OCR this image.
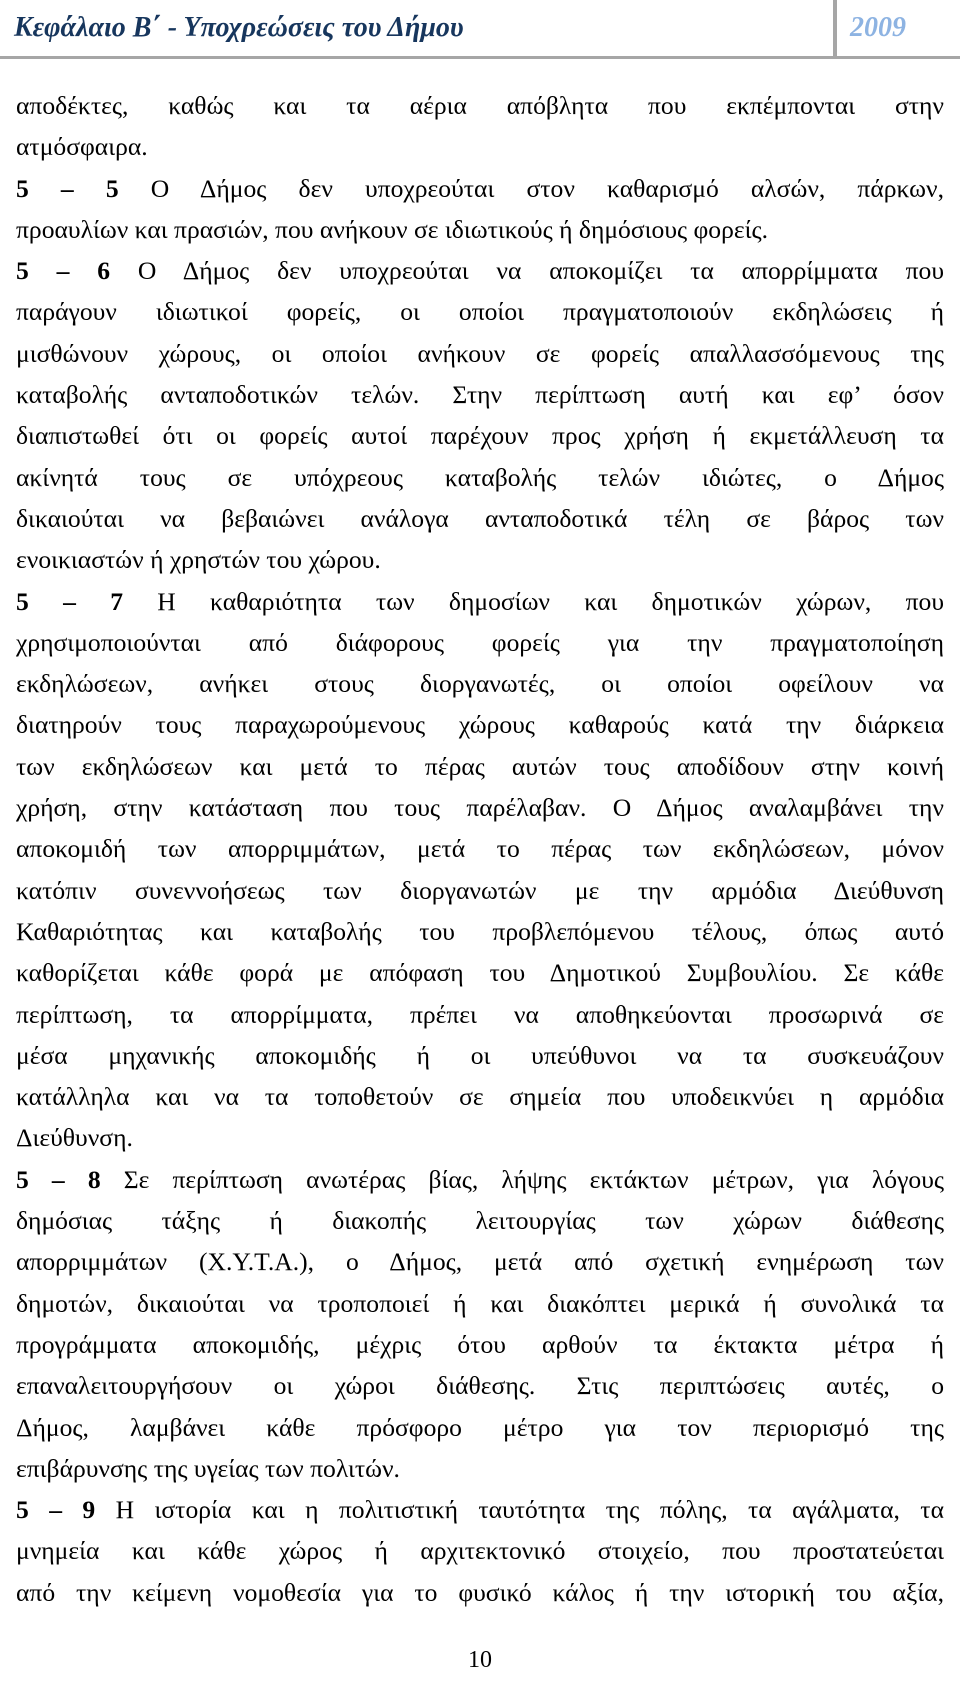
Κεφάλαιο Β΄ - Υποχρεώσεις του Δήμου	2009
αποδέκτες, καθώς και τα αέρια απόβλητα που εκπέμπονται στην
ατμόσφαιρα.
5 – 5 Ο Δήμος δεν υποχρεούται στον καθαρισμό αλσών, πάρκων,
προαυλίων και πρασιών, που ανήκουν σε ιδιωτικούς ή δημόσιους φορείς.
5 – 6 Ο Δήμος δεν υποχρεούται να αποκομίζει τα απορρίμματα που
παράγουν ιδιωτικοί φορείς, οι οποίοι πραγματοποιούν εκδηλώσεις ή
μισθώνουν χώρους, οι οποίοι ανήκουν σε φορείς απαλλασσόμενους της
καταβολής ανταποδοτικών τελών. Στην περίπτωση αυτή και εφ’ όσον
διαπιστωθεί ότι οι φορείς αυτοί παρέχουν προς χρήση ή εκμετάλλευση τα
ακίνητά τους σε υπόχρεους καταβολής τελών ιδιώτες, ο Δήμος
δικαιούται να βεβαιώνει ανάλογα ανταποδοτικά τέλη σε βάρος των
ενοικιαστών ή χρηστών του χώρου.
5 – 7 Η καθαριότητα των δημοσίων και δημοτικών χώρων, που
χρησιμοποιούνται από διάφορους φορείς για την πραγματοποίηση
εκδηλώσεων, ανήκει στους διοργανωτές, οι οποίοι οφείλουν να
διατηρούν τους παραχωρούμενους χώρους καθαρούς κατά την διάρκεια
των εκδηλώσεων και μετά το πέρας αυτών τους αποδίδουν στην κοινή
χρήση, στην κατάσταση που τους παρέλαβαν. Ο Δήμος αναλαμβάνει την
αποκομιδή των απορριμμάτων, μετά το πέρας των εκδηλώσεων, μόνον
κατόπιν συνεννοήσεως των διοργανωτών με την αρμόδια Διεύθυνση
Καθαριότητας και καταβολής του προβλεπόμενου τέλους, όπως αυτό
καθορίζεται κάθε φορά με απόφαση του Δημοτικού Συμβουλίου. Σε κάθε
περίπτωση, τα απορρίμματα, πρέπει να αποθηκεύονται προσωρινά σε
μέσα μηχανικής αποκομιδής ή οι υπεύθυνοι να τα συσκευάζουν
κατάλληλα και να τα τοποθετούν σε σημεία που υποδεικνύει η αρμόδια
Διεύθυνση.
5 – 8 Σε περίπτωση ανωτέρας βίας, λήψης εκτάκτων μέτρων, για λόγους
δημόσιας τάξης ή διακοπής λειτουργίας των χώρων διάθεσης
απορριμμάτων (Χ.Υ.Τ.Α.), ο Δήμος, μετά από σχετική ενημέρωση των
δημοτών, δικαιούται να τροποποιεί ή και διακόπτει μερικά ή συνολικά τα
προγράμματα αποκομιδής, μέχρις ότου αρθούν τα έκτακτα μέτρα ή
επαναλειτουργήσουν οι χώροι διάθεσης. Στις περιπτώσεις αυτές, ο
Δήμος, λαμβάνει κάθε πρόσφορο μέτρο για τον περιορισμό της
επιβάρυνσης της υγείας των πολιτών.
5 – 9 Η ιστορία και η πολιτιστική ταυτότητα της πόλης, τα αγάλματα, τα
μνημεία και κάθε χώρος ή αρχιτεκτονικό στοιχείο, που προστατεύεται
από την κείμενη νομοθεσία για το φυσικό κάλος ή την ιστορική του αξία,
10
